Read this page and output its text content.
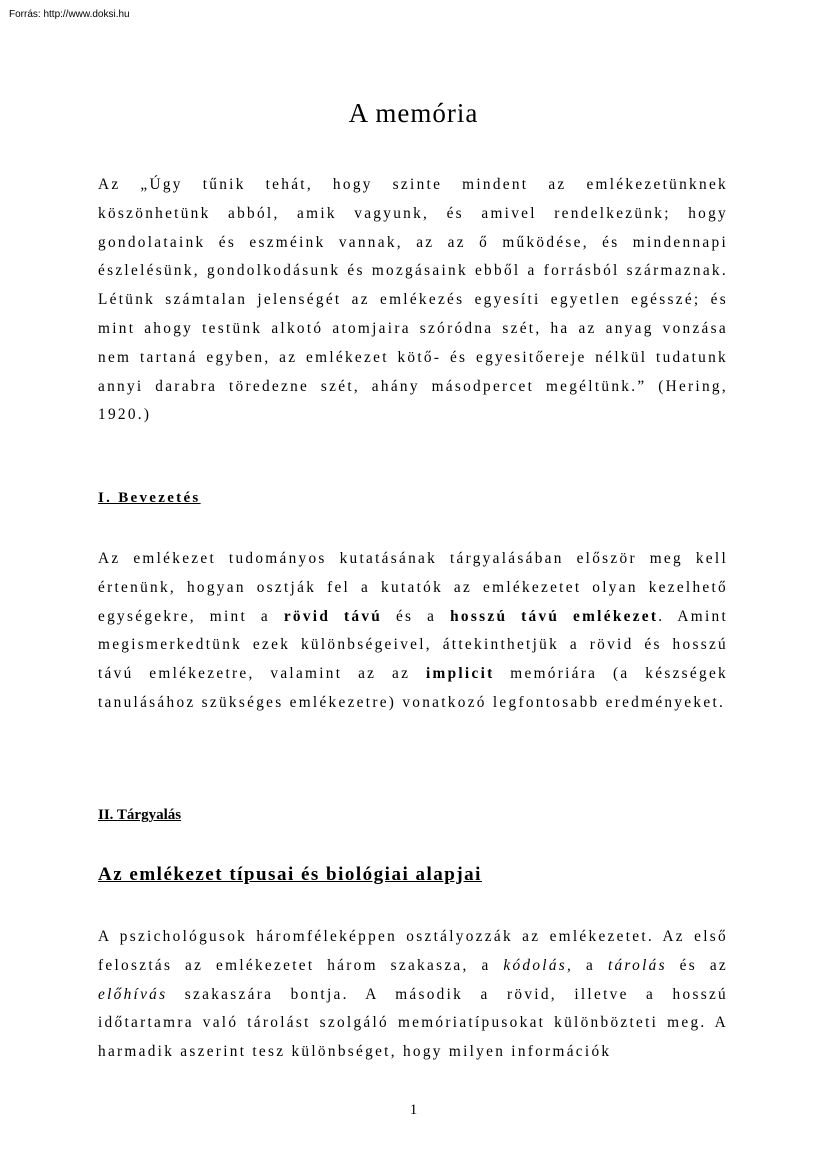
Forrás: http://www.doksi.hu
A memória

Az „Úgy tűnik tehát, hogy szinte mindent az emlékezetünknek köszönhetünk abból, amik vagyunk, és amivel rendelkezünk; hogy gondolataink és eszméink vannak, az az ő működése, és mindennapi észlelésünk, gondolkodásunk és mozgásaink ebből a forrásból származnak. Létünk számtalan jelenségét az emlékezés egyesíti egyetlen egésszé; és mint ahogy testünk alkotó atomjaira szóródna szét, ha az anyag vonzása nem tartaná egyben, az emlékezet kötő- és egyesitőereje nélkül tudatunk annyi darabra töredezne szét, ahány másodpercet megéltünk.” (Hering, 1920.)

I. Bevezetés

Az emlékezet tudományos kutatásának tárgyalásában először meg kell értenünk, hogyan osztják fel a kutatók az emlékezetet olyan kezelhető egységekre, mint a rövid távú és a hosszú távú emlékezet. Amint megismerkedtünk ezek különbségeivel, áttekinthetjük a rövid és hosszú távú emlékezetre, valamint az az implicit memóriára (a készségek tanulásához szükséges emlékezetre) vonatkozó legfontosabb eredményeket.

II. Tárgyalás

Az emlékezet típusai és biológiai alapjai

A pszichológusok háromféleképpen osztályozzák az emlékezetet. Az első felosztás az emlékezetet három szakasza, a kódolás, a tárolás és az előhívás szakaszára bontja. A második a rövid, illetve a hosszú időtartamra való tárolást szolgáló memóriatípusokat különbözteti meg. A harmadik aszerint tesz különbséget, hogy milyen információk

1
